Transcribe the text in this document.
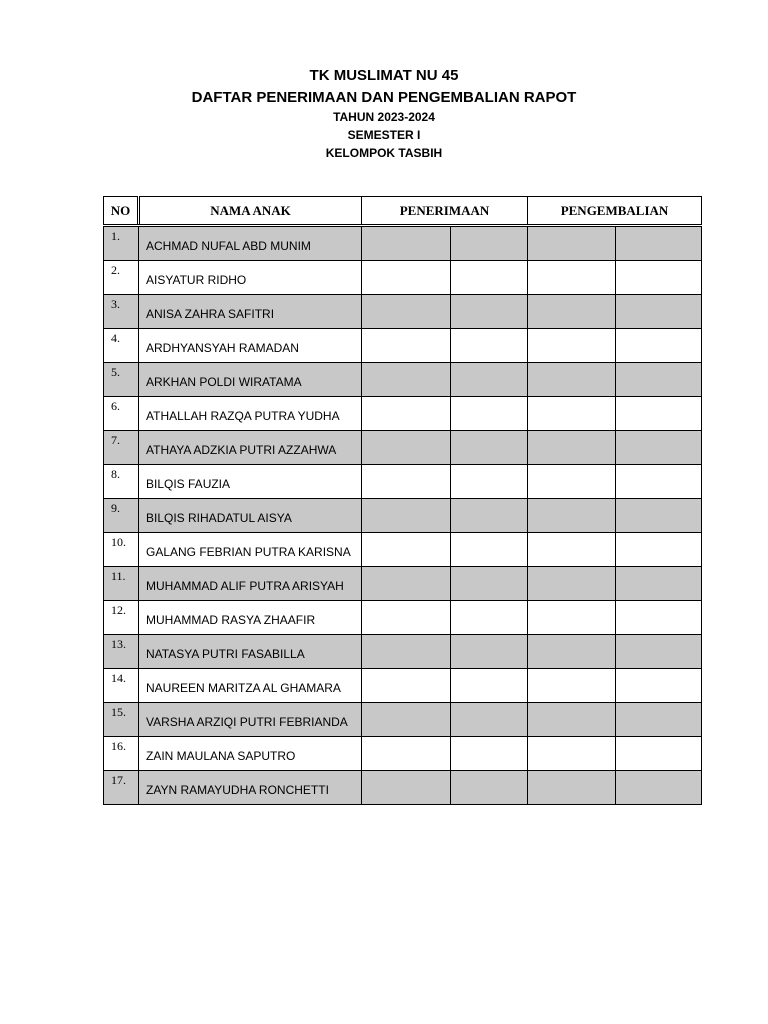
TK MUSLIMAT NU 45
DAFTAR PENERIMAAN DAN PENGEMBALIAN RAPOT
TAHUN 2023-2024
SEMESTER I
KELOMPOK TASBIH
NO	NAMA ANAK	PENERIMAAN		PENGEMBALIAN	
1.	ACHMAD NUFAL ABD MUNIM				
2.	AISYATUR RIDHO				
3.	ANISA ZAHRA SAFITRI				
4.	ARDHYANSYAH RAMADAN				
5.	ARKHAN POLDI WIRATAMA				
6.	ATHALLAH RAZQA PUTRA YUDHA				
7.	ATHAYA ADZKIA PUTRI AZZAHWA				
8.	BILQIS FAUZIA				
9.	BILQIS RIHADATUL AISYA				
10.	GALANG FEBRIAN PUTRA KARISNA				
11.	MUHAMMAD ALIF PUTRA ARISYAH				
12.	MUHAMMAD RASYA ZHAAFIR				
13.	NATASYA PUTRI FASABILLA				
14.	NAUREEN MARITZA AL GHAMARA				
15.	VARSHA ARZIQI PUTRI FEBRIANDA				
16.	ZAIN MAULANA SAPUTRO				
17.	ZAYN RAMAYUDHA RONCHETTI				
